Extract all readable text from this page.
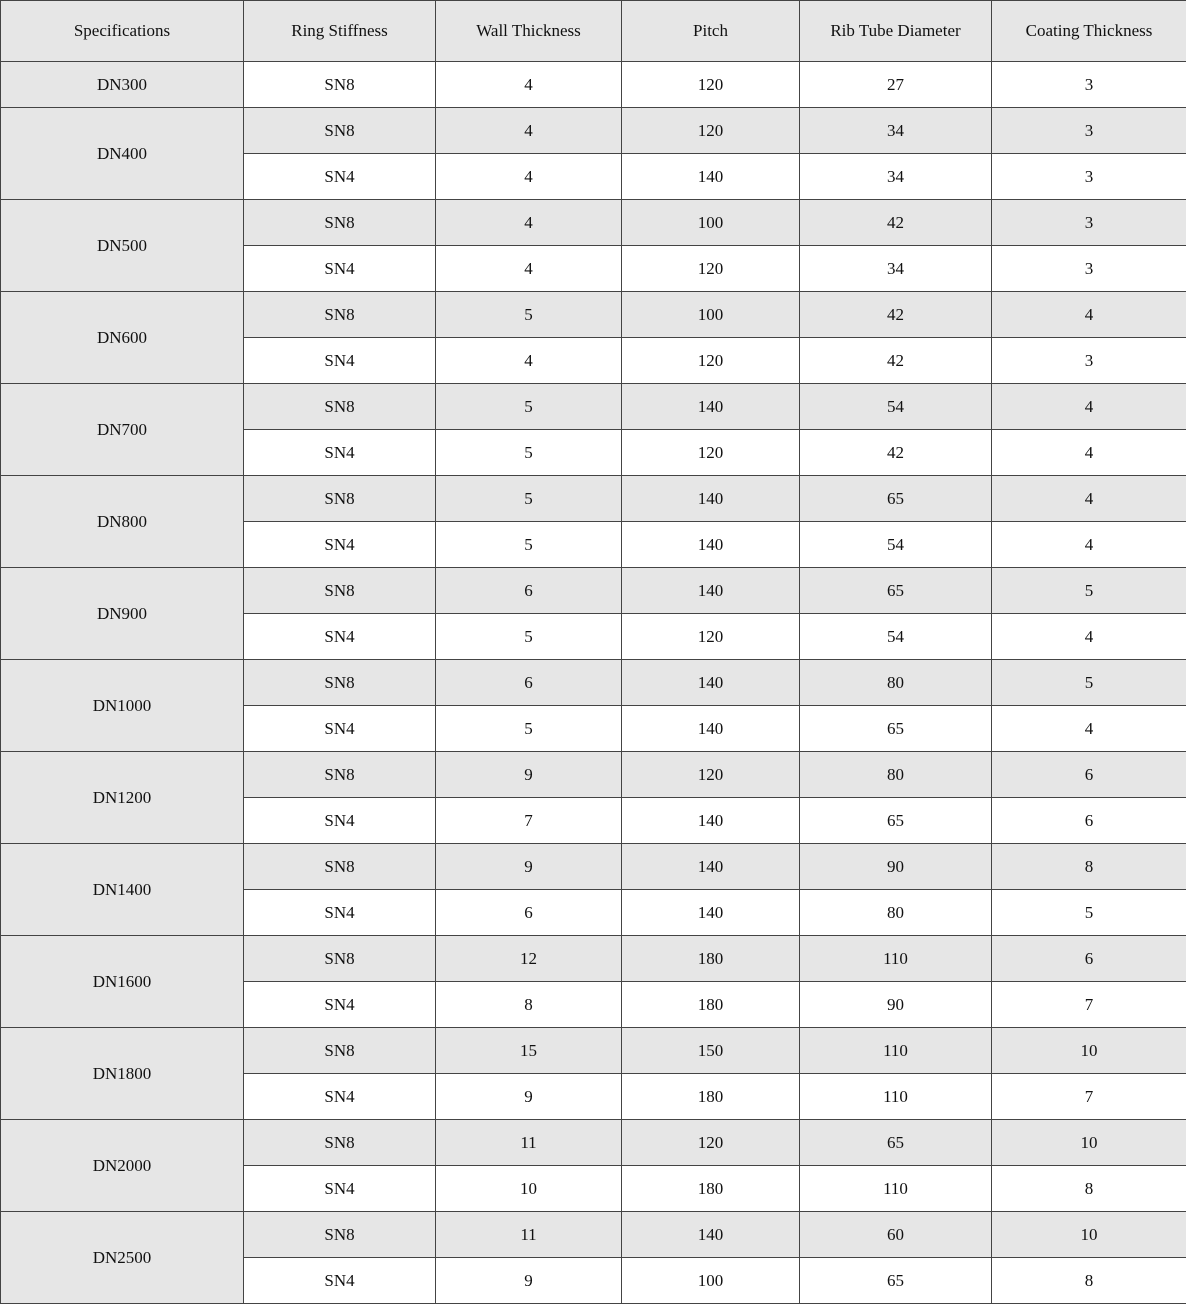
Specifications	Ring Stiffness	Wall Thickness	Pitch	Rib Tube Diameter	Coating Thickness
DN300	SN8	4	120	27	3
DN400	SN8	4	120	34	3
	SN4	4	140	34	3
DN500	SN8	4	100	42	3
	SN4	4	120	34	3
DN600	SN8	5	100	42	4
	SN4	4	120	42	3
DN700	SN8	5	140	54	4
	SN4	5	120	42	4
DN800	SN8	5	140	65	4
	SN4	5	140	54	4
DN900	SN8	6	140	65	5
	SN4	5	120	54	4
DN1000	SN8	6	140	80	5
	SN4	5	140	65	4
DN1200	SN8	9	120	80	6
	SN4	7	140	65	6
DN1400	SN8	9	140	90	8
	SN4	6	140	80	5
DN1600	SN8	12	180	110	6
	SN4	8	180	90	7
DN1800	SN8	15	150	110	10
	SN4	9	180	110	7
DN2000	SN8	11	120	65	10
	SN4	10	180	110	8
DN2500	SN8	11	140	60	10
	SN4	9	100	65	8
